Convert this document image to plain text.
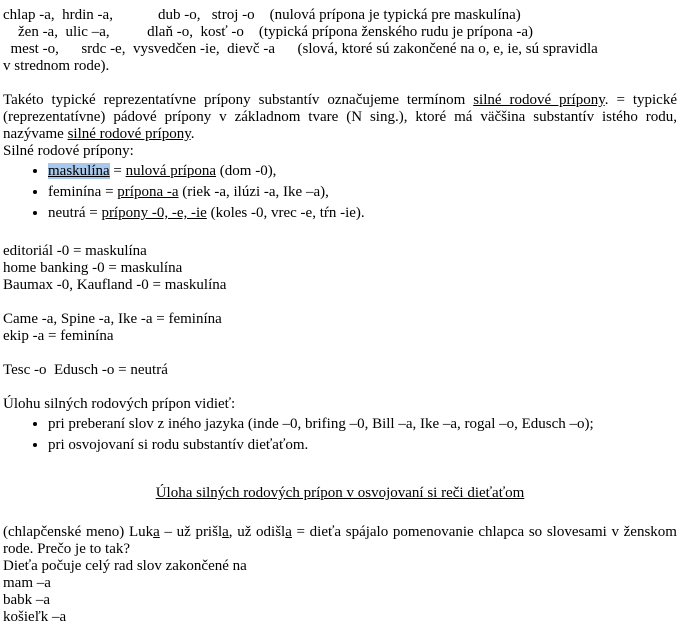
chlap -a,  hrdin -a,            dub -o,   stroj -o    (nulová prípona je typická pre maskulína)
žen -a,  ulic –a,          dlaň -o,  kosť -o    (typická prípona ženského rudu je prípona -a)
mest -o,      srdc -e,  vysvedčen -ie,  dievč -a      (slová, ktoré sú zakončené na o, e, ie, sú spravidla
v strednom rode).

Takéto typické reprezentatívne prípony substantív označujeme termínom silné rodové prípony. = typické (reprezentatívne) pádové prípony v základnom tvare (N sing.), ktoré má väčšina substantív istého rodu, nazývame silné rodové prípony.

Silné rodové prípony:
• maskulína = nulová prípona (dom -0),
• feminína = prípona -a (riek -a, ilúzi -a, Ike –a),
• neutrá = prípony -0, -e, -ie (koles -0, vrec -e, tŕn -ie).
editoriál -0 = maskulína
home banking -0 = maskulína
Baumax -0, Kaufland -0 = maskulína
Came -a, Spine -a, Ike -a = feminína
ekip -a = feminína
Tesc -o  Edusch -o = neutrá
Úlohu silných rodových prípon vidieť:
• pri preberaní slov z iného jazyka (inde –0, brifing –0, Bill –a, Ike –a, rogal –o, Edusch –o);
• pri osvojovaní si rodu substantív dieťaťom.
Úloha silných rodových prípon v osvojovaní si reči dieťaťom

(chlapčenské meno) Luka – už prišla, už odišla = dieťa spájalo pomenovanie chlapca so slovesami v ženskom rode. Prečo je to tak?

Dieťa počuje celý rad slov zakončené na
mam –a
babk –a
košieľk –a
